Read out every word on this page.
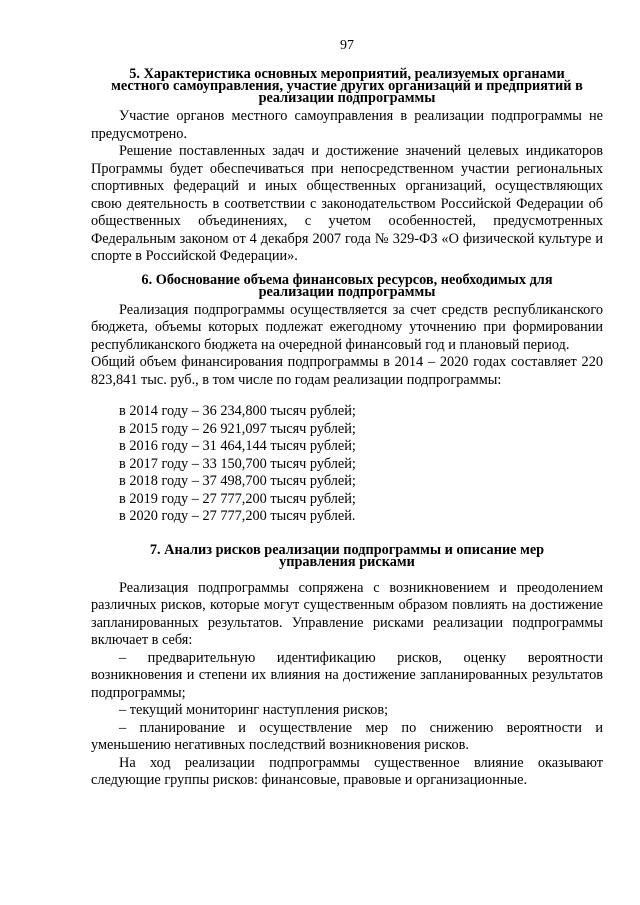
97
5. Характеристика основных мероприятий, реализуемых органами
местного самоуправления, участие других организаций и предприятий в
реализации подпрограммы

Участие органов местного самоуправления в реализации подпрограммы не предусмотрено.

Решение поставленных задач и достижение значений целевых индикаторов Программы будет обеспечиваться при непосредственном участии региональных спортивных федераций и иных общественных организаций, осуществляющих свою деятельность в соответствии с законодательством Российской Федерации об общественных объединениях, с учетом особенностей, предусмотренных Федеральным законом от 4 декабря 2007 года № 329-ФЗ «О физической культуре и спорте в Российской Федерации».

6. Обоснование объема финансовых ресурсов, необходимых для
реализации подпрограммы

Реализация подпрограммы осуществляется за счет средств республиканского бюджета, объемы которых подлежат ежегодному уточнению при формировании республиканского бюджета на очередной финансовый год и плановый период.

Общий объем финансирования подпрограммы в 2014 – 2020 годах составляет 220 823,841 тыс. руб., в том числе по годам реализации подпрограммы:

в 2014 году – 36 234,800 тысяч рублей;
в 2015 году – 26 921,097 тысяч рублей;
в 2016 году – 31 464,144 тысяч рублей;
в 2017 году – 33 150,700 тысяч рублей;
в 2018 году – 37 498,700 тысяч рублей;
в 2019 году – 27 777,200 тысяч рублей;
в 2020 году – 27 777,200 тысяч рублей.
7. Анализ рисков реализации подпрограммы и описание мер
управления рисками

Реализация подпрограммы сопряжена с возникновением и преодолением различных рисков, которые могут существенным образом повлиять на достижение запланированных результатов. Управление рисками реализации подпрограммы включает в себя:

– предварительную идентификацию рисков, оценку вероятности возникновения и степени их влияния на достижение запланированных результатов подпрограммы;

– текущий мониторинг наступления рисков;

– планирование и осуществление мер по снижению вероятности и уменьшению негативных последствий возникновения рисков.

На ход реализации подпрограммы существенное влияние оказывают следующие группы рисков: финансовые, правовые и организационные.
